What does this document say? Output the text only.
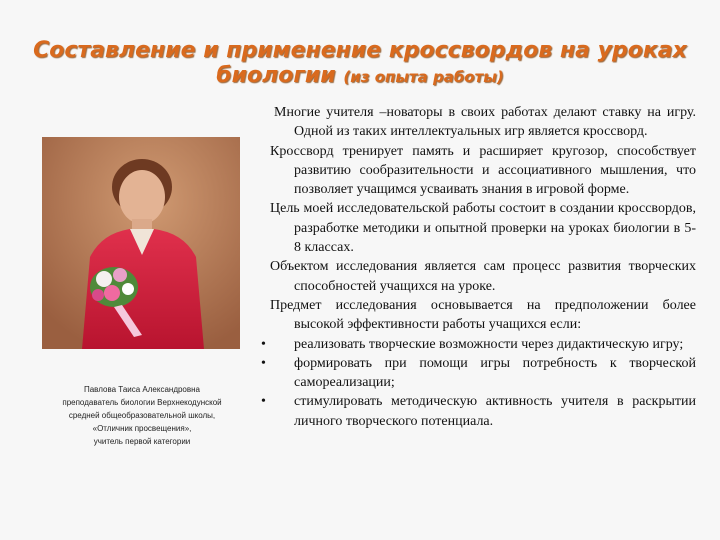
Составление и применение кроссвордов на уроках
биологии (из опыта работы)
Павлова Таиса Александровна
преподаватель биологии Верхнекодунской
средней общеобразовательной школы,
«Отличник просвещения»,
учитель первой категории

Многие учителя –новаторы в своих работах делают ставку на игру. Одной из таких интеллектуальных игр является кроссворд.

Кроссворд тренирует память и расширяет кругозор, способствует развитию сообразительности и ассоциативного мышления, что позволяет учащимся усваивать знания в игровой форме.

Цель моей исследовательской работы состоит в создании кроссвордов, разработке методики и опытной проверки на уроках биологии в 5-8 классах.

Объектом исследования является сам процесс развития творческих способностей учащихся на уроке.

Предмет исследования основывается на предположении более высокой эффективности работы учащихся если:

• реализовать творческие возможности через дидактическую игру;

• формировать при помощи игры потребность к творческой самореализации;

• стимулировать методическую активность учителя в раскрытии личного творческого потенциала.
